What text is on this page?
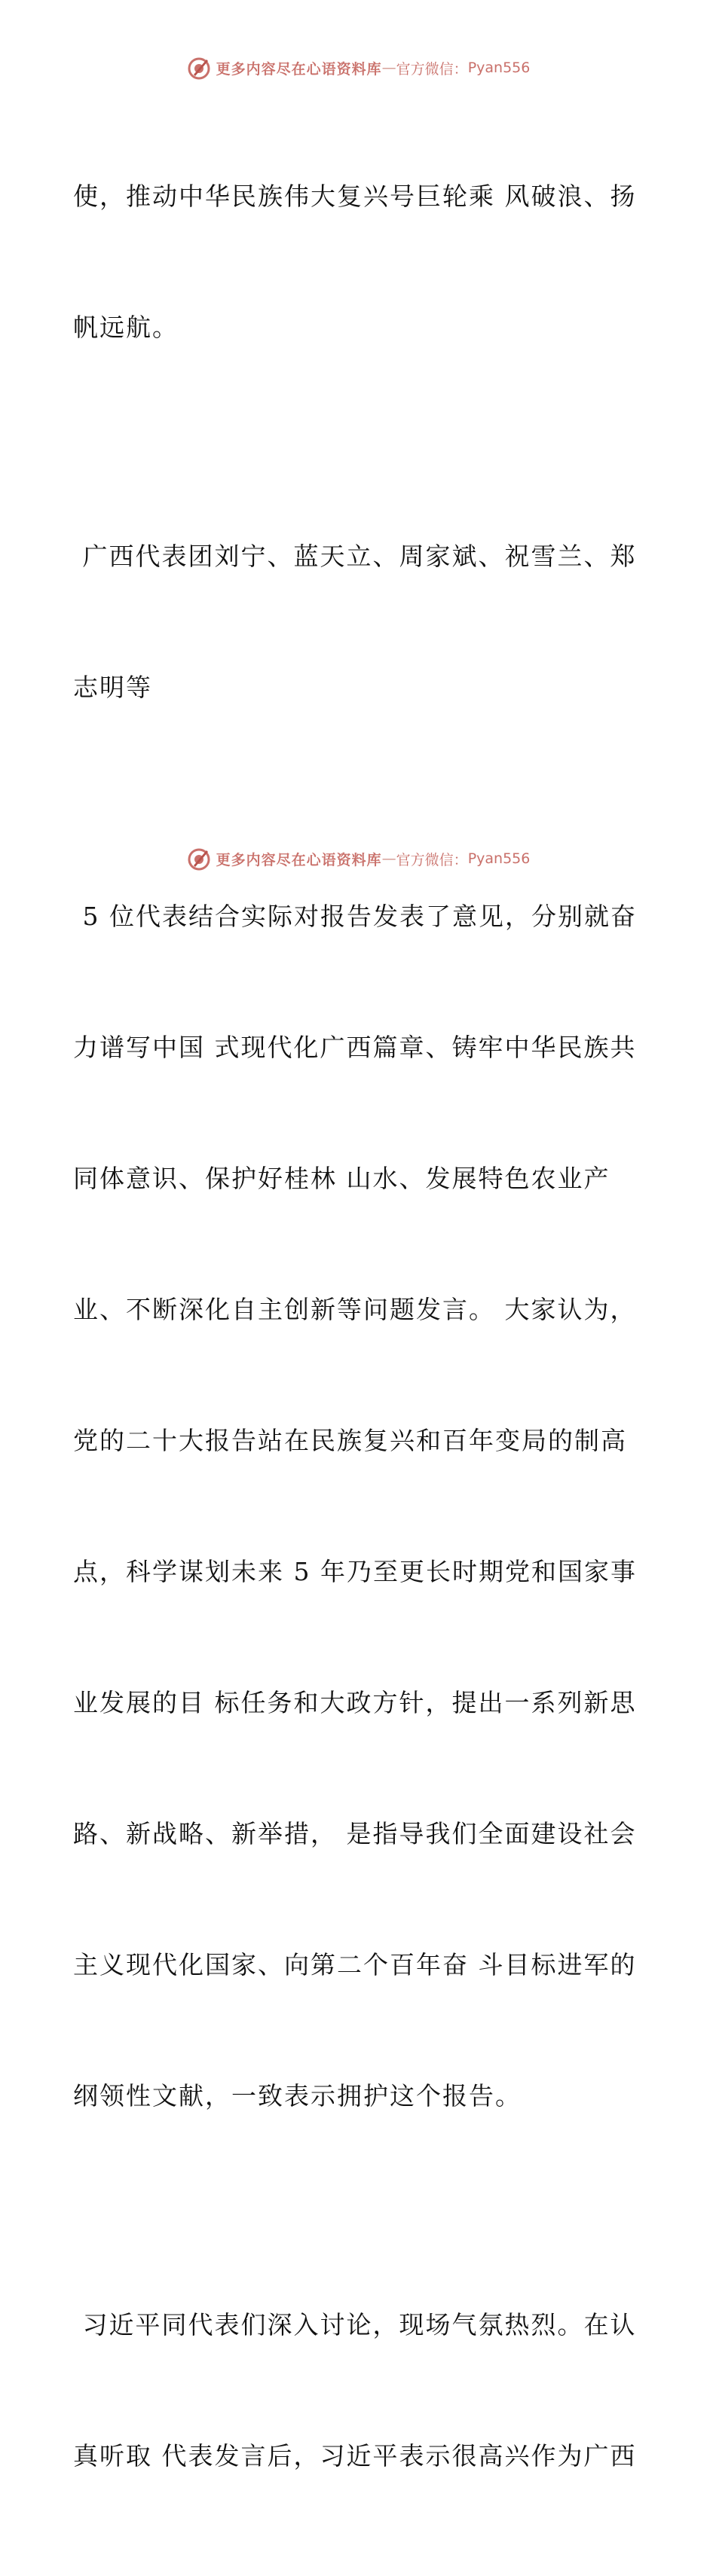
更多内容尽在心语资料库 — 官方微信： Pyan556

使，推动中华民族伟大复兴号巨轮乘 风破浪、扬

帆远航。

广西代表团刘宁、蓝天立、周家斌、祝雪兰、郑

志明等

5 位代表结合实际对报告发表了意见，分别就奋

力谱写中国 式现代化广西篇章、铸牢中华民族共

同体意识、保护好桂林 山水、发展特色农业产

业、不断深化自主创新等问题发言。 大家认为，

党的二十大报告站在民族复兴和百年变局的制高

点，科学谋划未来 5 年乃至更长时期党和国家事

业发展的目 标任务和大政方针，提出一系列新思

路、新战略、新举措， 是指导我们全面建设社会

主义现代化国家、向第二个百年奋 斗目标进军的

纲领性文献，一致表示拥护这个报告。

习近平同代表们深入讨论，现场气氛热烈。在认

真听取 代表发言后，习近平表示很高兴作为广西

更多内容尽在心语资料库 — 官方微信： Pyan556
